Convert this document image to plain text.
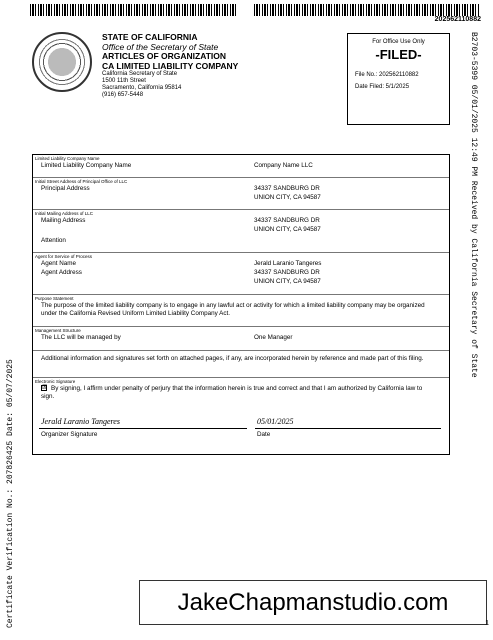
202562110882
STATE OF CALIFORNIA
Office of the Secretary of State
ARTICLES OF ORGANIZATION
CA LIMITED LIABILITY COMPANY
California Secretary of State
1500 11th Street
Sacramento, California 95814
(916) 657-5448
For Office Use Only
-FILED-
File No.: 202562110882
Date Filed: 5/1/2025	B2703-5399 05/01/2025 12:49 PM Received by California Secretary of State
Certificate Verification No.: 207826425 Date: 05/07/2025
Limited Liability Company Name
Limited Liability Company Name	Company Name LLC
Initial Street Address of Principal Office of LLC
Principal Address	34337 SANDBURG DR
UNION CITY, CA 94587
Initial Mailing Address of LLC
Mailing Address	34337 SANDBURG DR
UNION CITY, CA 94587
Attention
Agent for Service of Process
Agent Name	Jerald Laranio Tangeres
Agent Address	34337 SANDBURG DR
UNION CITY, CA 94587
Purpose Statement
The purpose of the limited liability company is to engage in any lawful act or activity for which a limited liability company may be organized under the California Revised Uniform Limited Liability Company Act.
Management Structure
The LLC will be managed by	One Manager
Additional information and signatures set forth on attached pages, if any, are incorporated herein by reference and made part of this filing.
Electronic Signature
☒ By signing, I affirm under penalty of perjury that the information herein is true and correct and that I am authorized by California law to sign.
Jerald Laranio Tangeres	05/01/2025
Organizer Signature	Date
JakeChapmanstudio.com
1
